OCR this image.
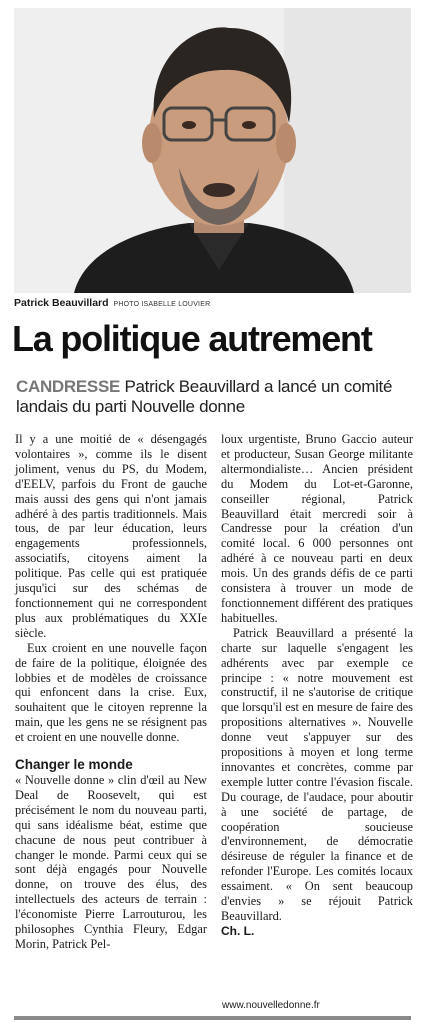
Patrick Beauvillard PHOTO ISABELLE LOUVIER
La politique autrement
CANDRESSE Patrick Beauvillard a lancé un comité landais du parti Nouvelle donne

Il y a une moitié de « désengagés volontaires », comme ils le disent joliment, venus du PS, du Modem, d'EELV, parfois du Front de gauche mais aussi des gens qui n'ont jamais adhéré à des partis traditionnels. Mais tous, de par leur éducation, leurs engagements professionnels, associatifs, citoyens aiment la politique. Pas celle qui est pratiquée jusqu'ici sur des schémas de fonctionnement qui ne correspondent plus aux problématiques du XXIe siècle.

Eux croient en une nouvelle façon de faire de la politique, éloignée des lobbies et de modèles de croissance qui enfoncent dans la crise. Eux, souhaitent que le citoyen reprenne la main, que les gens ne se résignent pas et croient en une nouvelle donne.

Changer le monde

« Nouvelle donne » clin d'œil au New Deal de Roosevelt, qui est précisément le nom du nouveau parti, qui sans idéalisme béat, estime que chacune de nous peut contribuer à changer le monde. Parmi ceux qui se sont déjà engagés pour Nouvelle donne, on trouve des élus, des intellectuels des acteurs de terrain : l'économiste Pierre Larrouturou, les philosophes Cynthia Fleury, Edgar Morin, Patrick Pel-

loux urgentiste, Bruno Gaccio auteur et producteur, Susan George militante altermondialiste… Ancien président du Modem du Lot-et-Garonne, conseiller régional, Patrick Beauvillard était mercredi soir à Candresse pour la création d'un comité local. 6 000 personnes ont adhéré à ce nouveau parti en deux mois. Un des grands défis de ce parti consistera à trouver un mode de fonctionnement différent des pratiques habituelles.

Patrick Beauvillard a présenté la charte sur laquelle s'engagent les adhérents avec par exemple ce principe : « notre mouvement est constructif, il ne s'autorise de critique que lorsqu'il est en mesure de faire des propositions alternatives ». Nouvelle donne veut s'appuyer sur des propositions à moyen et long terme innovantes et concrètes, comme par exemple lutter contre l'évasion fiscale. Du courage, de l'audace, pour aboutir à une société de partage, de coopération soucieuse d'environnement, de démocratie désireuse de réguler la finance et de refonder l'Europe. Les comités locaux essaiment. « On sent beaucoup d'envies » se réjouit Patrick Beauvillard.

Ch. L.
www.nouvelledonne.fr
